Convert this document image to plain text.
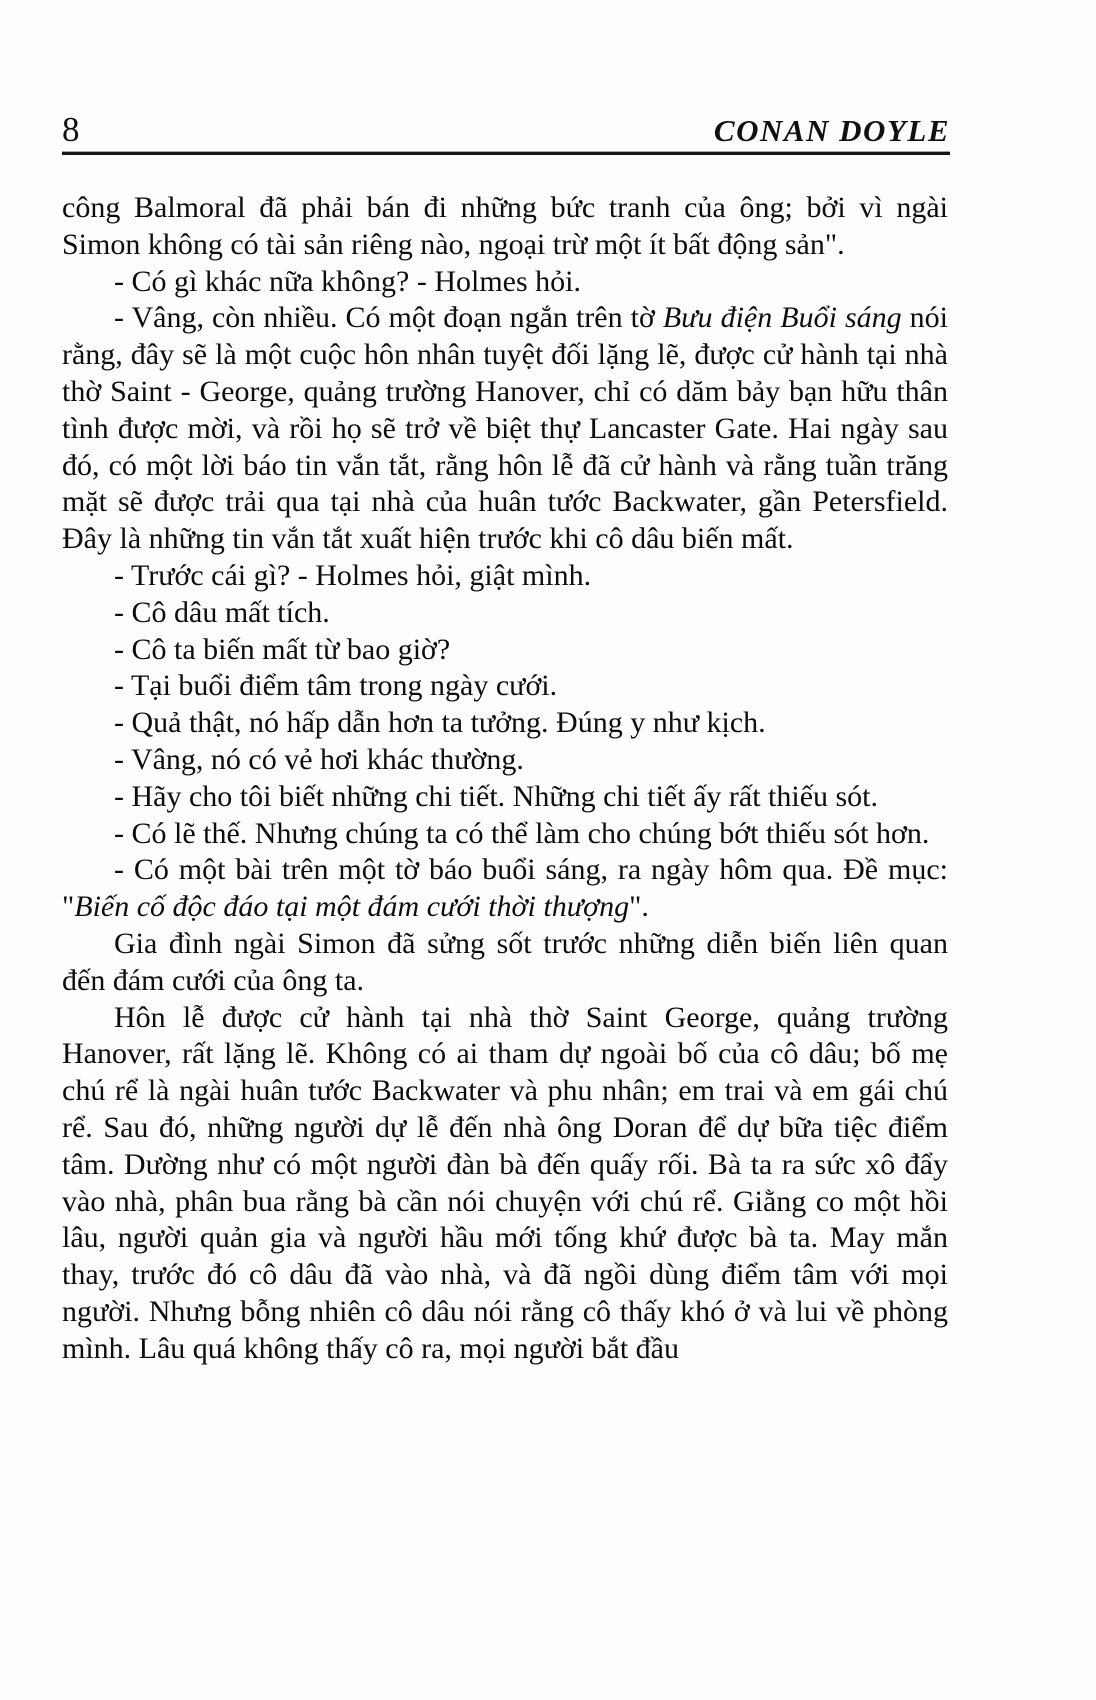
8	CONAN DOYLE

công Balmoral đã phải bán đi những bức tranh của ông; bởi vì ngài Simon không có tài sản riêng nào, ngoại trừ một ít bất động sản".

- Có gì khác nữa không? - Holmes hỏi.

- Vâng, còn nhiều. Có một đoạn ngắn trên tờ Bưu điện Buổi sáng nói rằng, đây sẽ là một cuộc hôn nhân tuyệt đối lặng lẽ, được cử hành tại nhà thờ Saint - George, quảng trường Hanover, chỉ có dăm bảy bạn hữu thân tình được mời, và rồi họ sẽ trở về biệt thự Lancaster Gate. Hai ngày sau đó, có một lời báo tin vắn tắt, rằng hôn lễ đã cử hành và rằng tuần trăng mặt sẽ được trải qua tại nhà của huân tước Backwater, gần Petersfield. Đây là những tin vắn tắt xuất hiện trước khi cô dâu biến mất.

- Trước cái gì? - Holmes hỏi, giật mình.

- Cô dâu mất tích.

- Cô ta biến mất từ bao giờ?

- Tại buổi điểm tâm trong ngày cưới.

- Quả thật, nó hấp dẫn hơn ta tưởng. Đúng y như kịch.

- Vâng, nó có vẻ hơi khác thường.

- Hãy cho tôi biết những chi tiết. Những chi tiết ấy rất thiếu sót.

- Có lẽ thế. Nhưng chúng ta có thể làm cho chúng bớt thiếu sót hơn.

- Có một bài trên một tờ báo buổi sáng, ra ngày hôm qua. Đề mục: "Biến cố độc đáo tại một đám cưới thời thượng".

Gia đình ngài Simon đã sửng sốt trước những diễn biến liên quan đến đám cưới của ông ta.

Hôn lễ được cử hành tại nhà thờ Saint George, quảng trường Hanover, rất lặng lẽ. Không có ai tham dự ngoài bố của cô dâu; bố mẹ chú rể là ngài huân tước Backwater và phu nhân; em trai và em gái chú rể. Sau đó, những người dự lễ đến nhà ông Doran để dự bữa tiệc điểm tâm. Dường như có một người đàn bà đến quấy rối. Bà ta ra sức xô đẩy vào nhà, phân bua rằng bà cần nói chuyện với chú rể. Giằng co một hồi lâu, người quản gia và người hầu mới tống khứ được bà ta. May mắn thay, trước đó cô dâu đã vào nhà, và đã ngồi dùng điểm tâm với mọi người. Nhưng bỗng nhiên cô dâu nói rằng cô thấy khó ở và lui về phòng mình. Lâu quá không thấy cô ra, mọi người bắt đầu
